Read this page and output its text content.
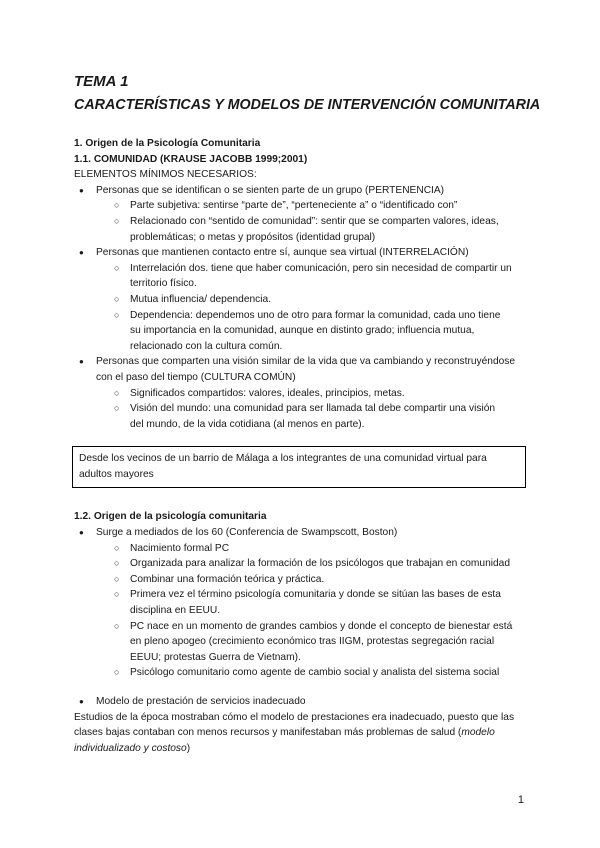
TEMA 1
CARACTERÍSTICAS Y MODELOS DE INTERVENCIÓN COMUNITARIA
1. Origen de la Psicología Comunitaria
1.1. COMUNIDAD (KRAUSE JACOBB 1999;2001)
ELEMENTOS MÍNIMOS NECESARIOS:
● Personas que se identifican o se sienten parte de un grupo (PERTENENCIA)
○ Parte subjetiva: sentirse “parte de”, “perteneciente a” o “identificado con”
○ Relacionado con “sentido de comunidad”: sentir que se comparten valores, ideas,
problemáticas; o metas y propósitos (identidad grupal)
● Personas que mantienen contacto entre sí, aunque sea virtual (INTERRELACIÓN)
○ Interrelación dos. tiene que haber comunicación, pero sin necesidad de compartir un
territorio físico.
○ Mutua influencia/ dependencia.
○ Dependencia: dependemos uno de otro para formar la comunidad, cada uno tiene
su importancia en la comunidad, aunque en distinto grado; influencia mutua,
relacionado con la cultura común.
● Personas que comparten una visión similar de la vida que va cambiando y reconstruyéndose
con el paso del tiempo (CULTURA COMÚN)
○ Significados compartidos: valores, ideales, principios, metas.
○ Visión del mundo: una comunidad para ser llamada tal debe compartir una visión
del mundo, de la vida cotidiana (al menos en parte).
Desde los vecinos de un barrio de Málaga a los integrantes de una comunidad virtual para
adultos mayores
1.2. Origen de la psicología comunitaria
● Surge a mediados de los 60 (Conferencia de Swampscott, Boston)
○ Nacimiento formal PC
○ Organizada para analizar la formación de los psicólogos que trabajan en comunidad
○ Combinar una formación teórica y práctica.
○ Primera vez el término psicología comunitaria y donde se sitúan las bases de esta
disciplina en EEUU.
○ PC nace en un momento de grandes cambios y donde el concepto de bienestar está
en pleno apogeo (crecimiento económico tras IIGM, protestas segregación racial
EEUU; protestas Guerra de Vietnam).
○ Psicólogo comunitario como agente de cambio social y analista del sistema social
● Modelo de prestación de servicios inadecuado
Estudios de la época mostraban cómo el modelo de prestaciones era inadecuado, puesto que las
clases bajas contaban con menos recursos y manifestaban más problemas de salud (modelo
individualizado y costoso)
1
